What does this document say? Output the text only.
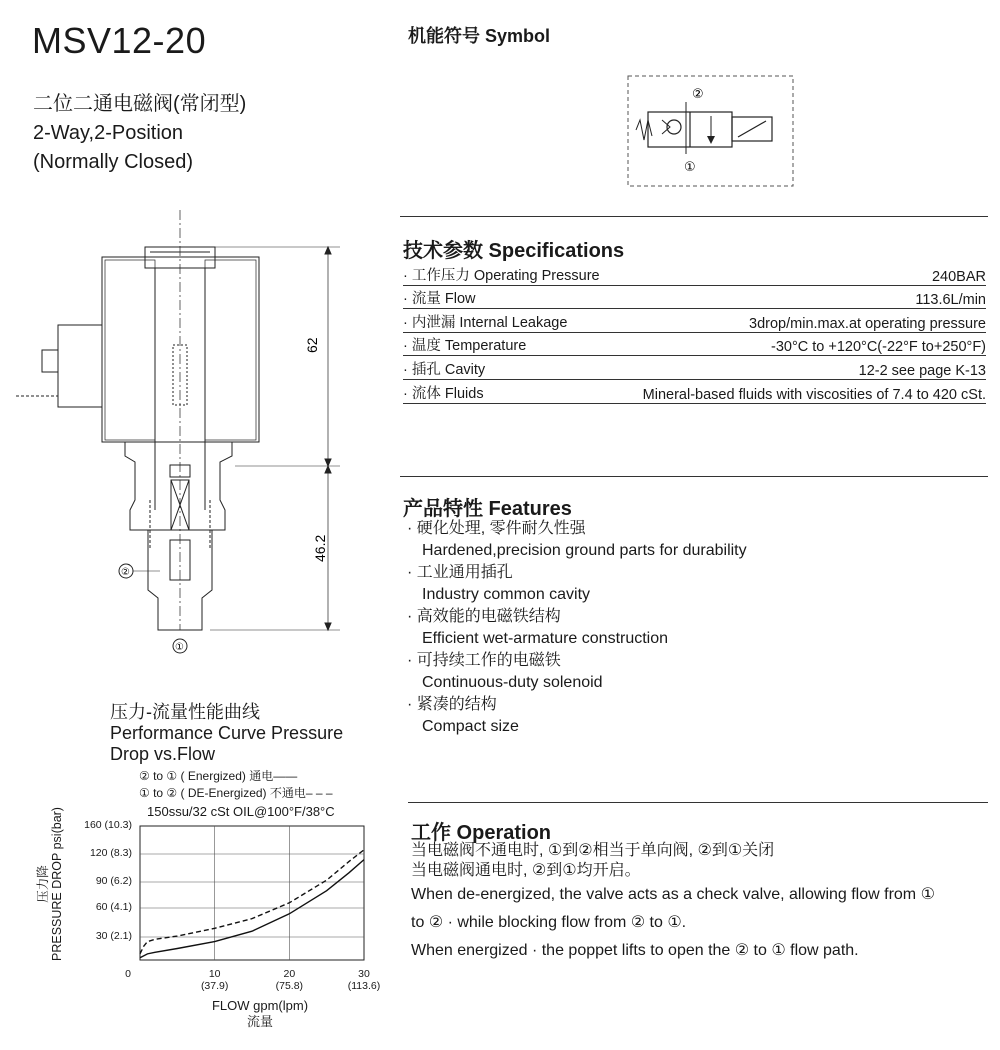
MSV12-20
二位二通电磁阀(常闭型)
2-Way,2-Position
(Normally Closed)
机能符号 Symbol
②
①
62
46.2
②
①
技术参数 Specifications
· 工作压力 Operating Pressure	240BAR
· 流量 Flow	113.6L/min
· 内泄漏 Internal Leakage	3drop/min.max.at operating pressure
· 温度 Temperature	-30°C to +120°C(-22°F to+250°F)
· 插孔 Cavity	12-2 see page K-13
· 流体 Fluids	Mineral-based fluids with viscosities of 7.4 to 420 cSt.
产品特性 Features
· 硬化处理, 零件耐久性强
Hardened,precision ground parts for durability
· 工业通用插孔
Industry common cavity
· 高效能的电磁铁结构
Efficient wet-armature construction
· 可持续工作的电磁铁
Continuous-duty solenoid
· 紧凑的结构
Compact size
工作 Operation
当电磁阀不通电时, ①到②相当于单向阀, ②到①关闭
当电磁阀通电时, ②到①均开启。
When de-energized, the valve acts as a check valve, allowing flow from ①
to ② · while blocking flow from ② to ①.
When energized · the poppet lifts to open the ② to ① flow path.
压力-流量性能曲线
Performance Curve Pressure
Drop vs.Flow
② to ① ( Energized) 通电——
① to ② ( DE-Energized) 不通电– – –
150ssu/32 cSt OIL@100°F/38°C
压力降 PRESSURE DROP psi(bar)	30 (2.1)
60 (4.1)
90 (6.2)
120 (8.3)
160 (10.3)
0	10
(37.9)
20
(75.8)
30
(113.6)
FLOW gpm(lpm)
流量
